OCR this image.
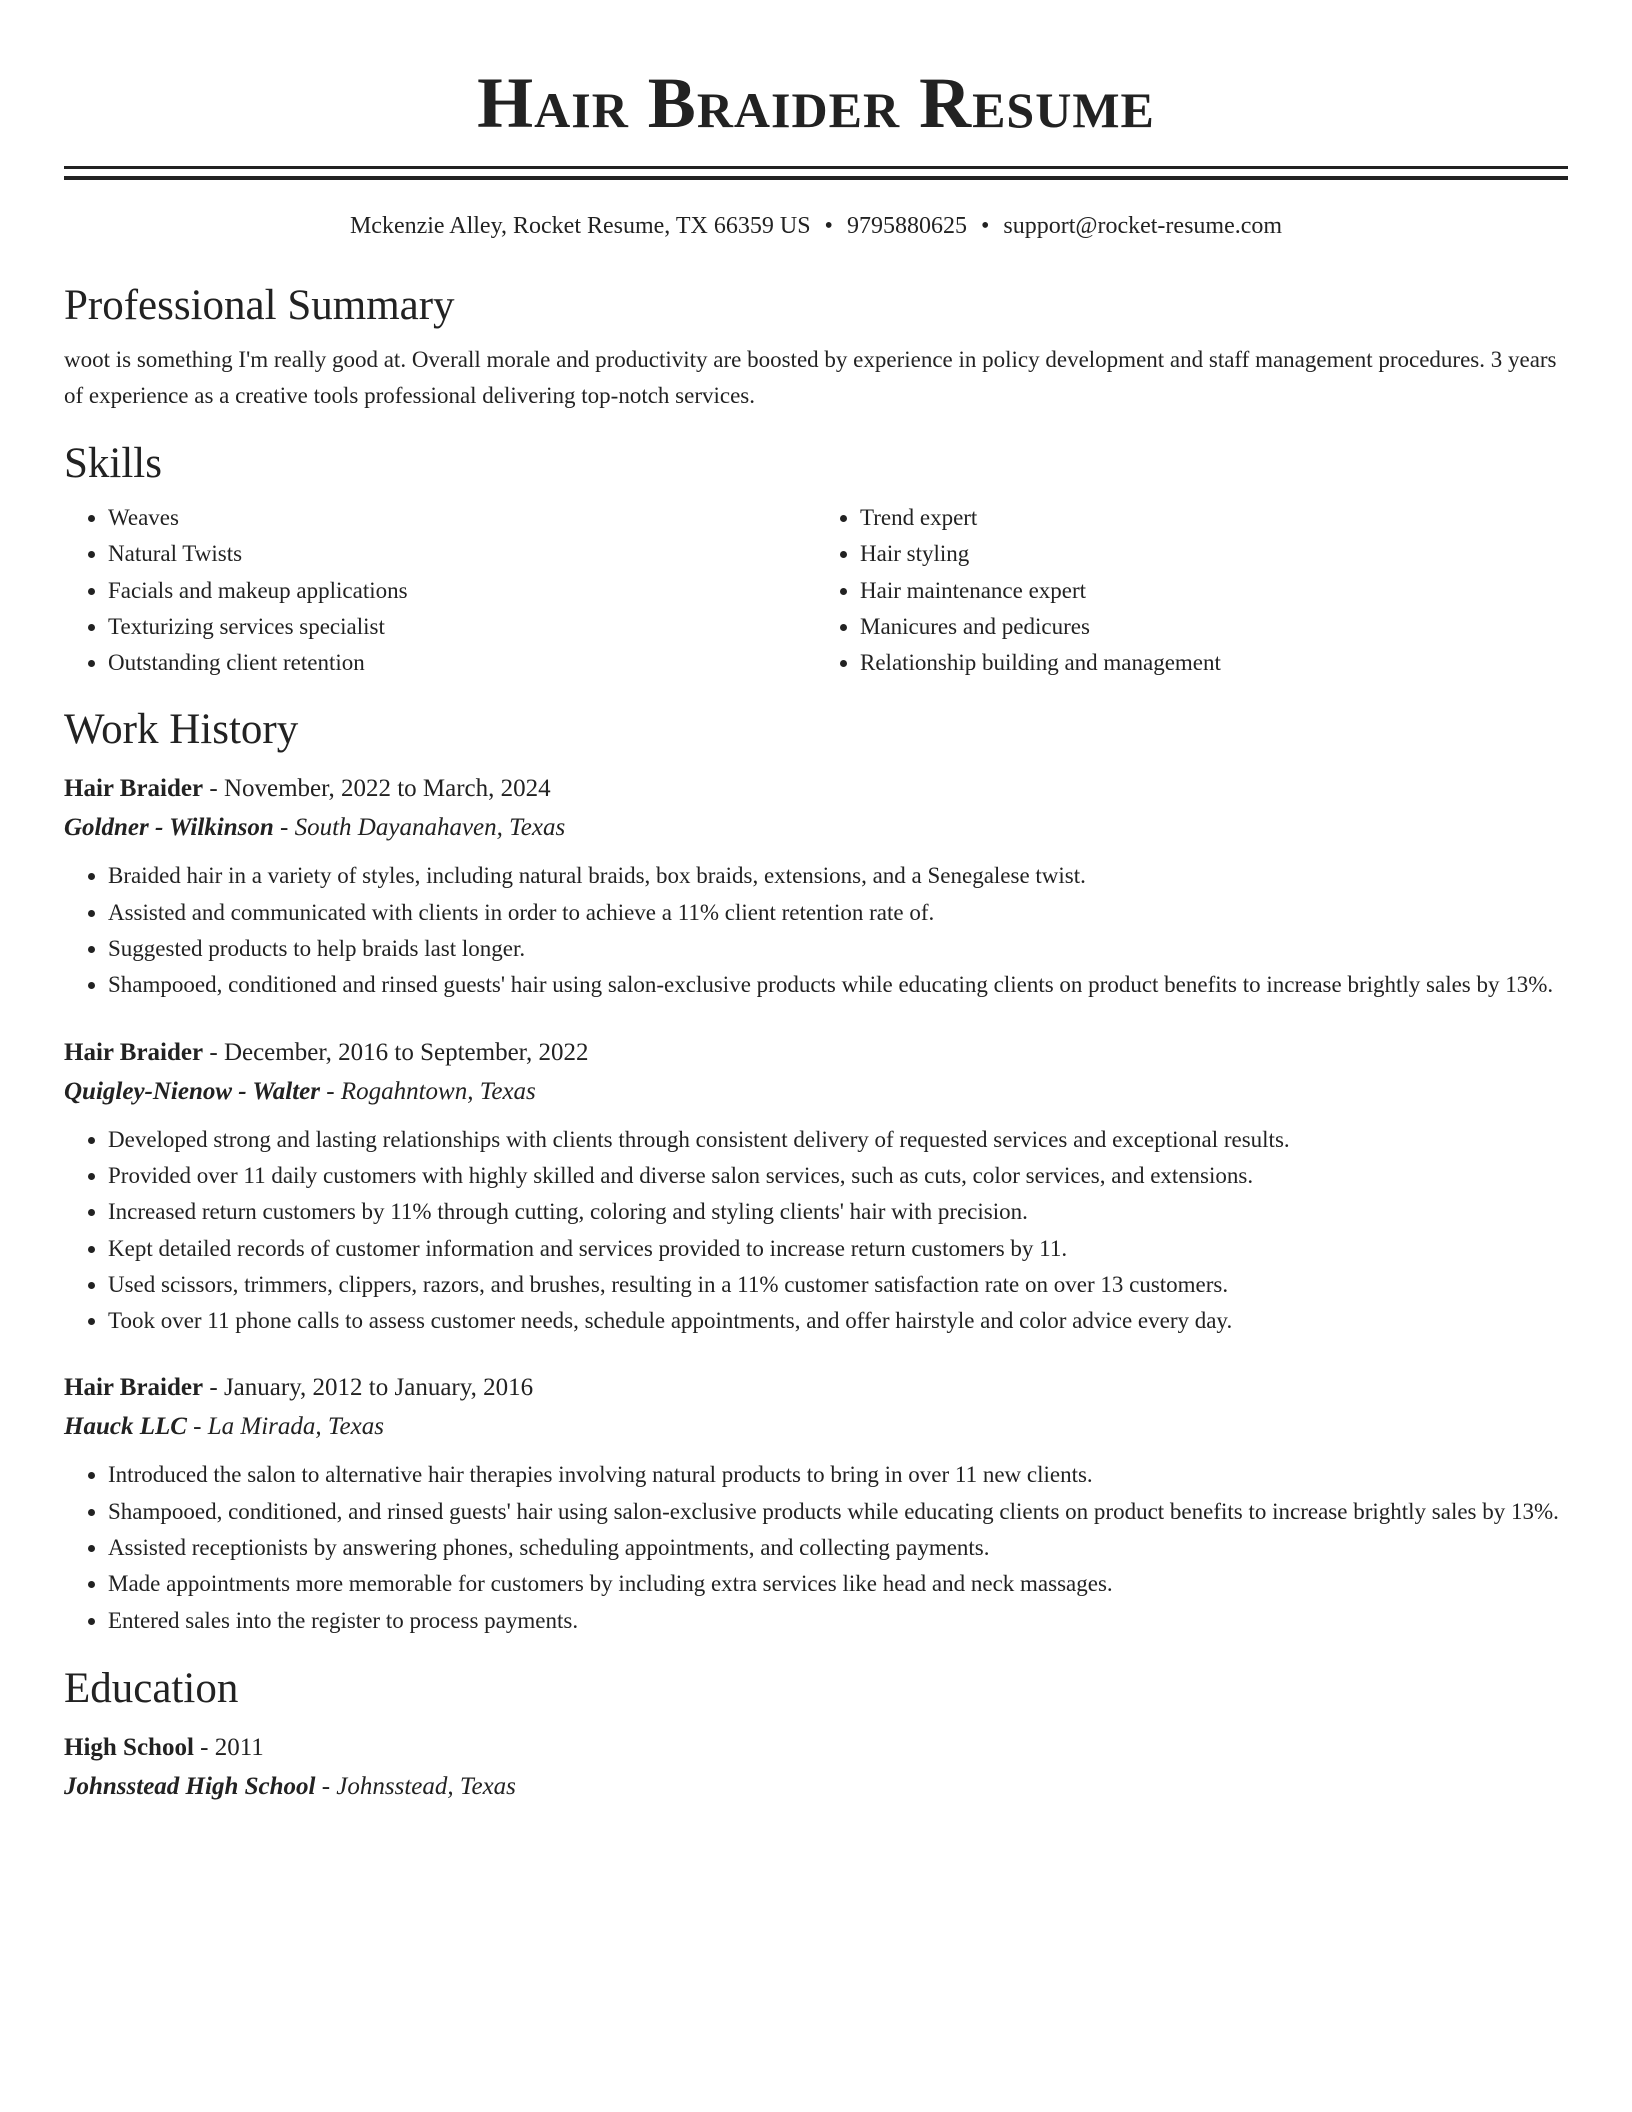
Hair Braider Resume
Mckenzie Alley, Rocket Resume, TX 66359 US • 9795880625 • support@rocket-resume.com
Professional Summary

woot is something I'm really good at. Overall morale and productivity are boosted by experience in policy development and staff management procedures. 3 years of experience as a creative tools professional delivering top-notch services.

Skills
• Weaves
• Natural Twists
• Facials and makeup applications
• Texturizing services specialist
• Outstanding client retention
• Trend expert
• Hair styling
• Hair maintenance expert
• Manicures and pedicures
• Relationship building and management
Work History
Hair Braider - November, 2022 to March, 2024
Goldner - Wilkinson - South Dayanahaven, Texas
• Braided hair in a variety of styles, including natural braids, box braids, extensions, and a Senegalese twist.
• Assisted and communicated with clients in order to achieve a 11% client retention rate of.
• Suggested products to help braids last longer.
• Shampooed, conditioned and rinsed guests' hair using salon-exclusive products while educating clients on product benefits to increase brightly sales by 13%.
Hair Braider - December, 2016 to September, 2022
Quigley-Nienow - Walter - Rogahntown, Texas
• Developed strong and lasting relationships with clients through consistent delivery of requested services and exceptional results.
• Provided over 11 daily customers with highly skilled and diverse salon services, such as cuts, color services, and extensions.
• Increased return customers by 11% through cutting, coloring and styling clients' hair with precision.
• Kept detailed records of customer information and services provided to increase return customers by 11.
• Used scissors, trimmers, clippers, razors, and brushes, resulting in a 11% customer satisfaction rate on over 13 customers.
• Took over 11 phone calls to assess customer needs, schedule appointments, and offer hairstyle and color advice every day.
Hair Braider - January, 2012 to January, 2016
Hauck LLC - La Mirada, Texas
• Introduced the salon to alternative hair therapies involving natural products to bring in over 11 new clients.
• Shampooed, conditioned, and rinsed guests' hair using salon-exclusive products while educating clients on product benefits to increase brightly sales by 13%.
• Assisted receptionists by answering phones, scheduling appointments, and collecting payments.
• Made appointments more memorable for customers by including extra services like head and neck massages.
• Entered sales into the register to process payments.
Education
High School - 2011
Johnsstead High School - Johnsstead, Texas
